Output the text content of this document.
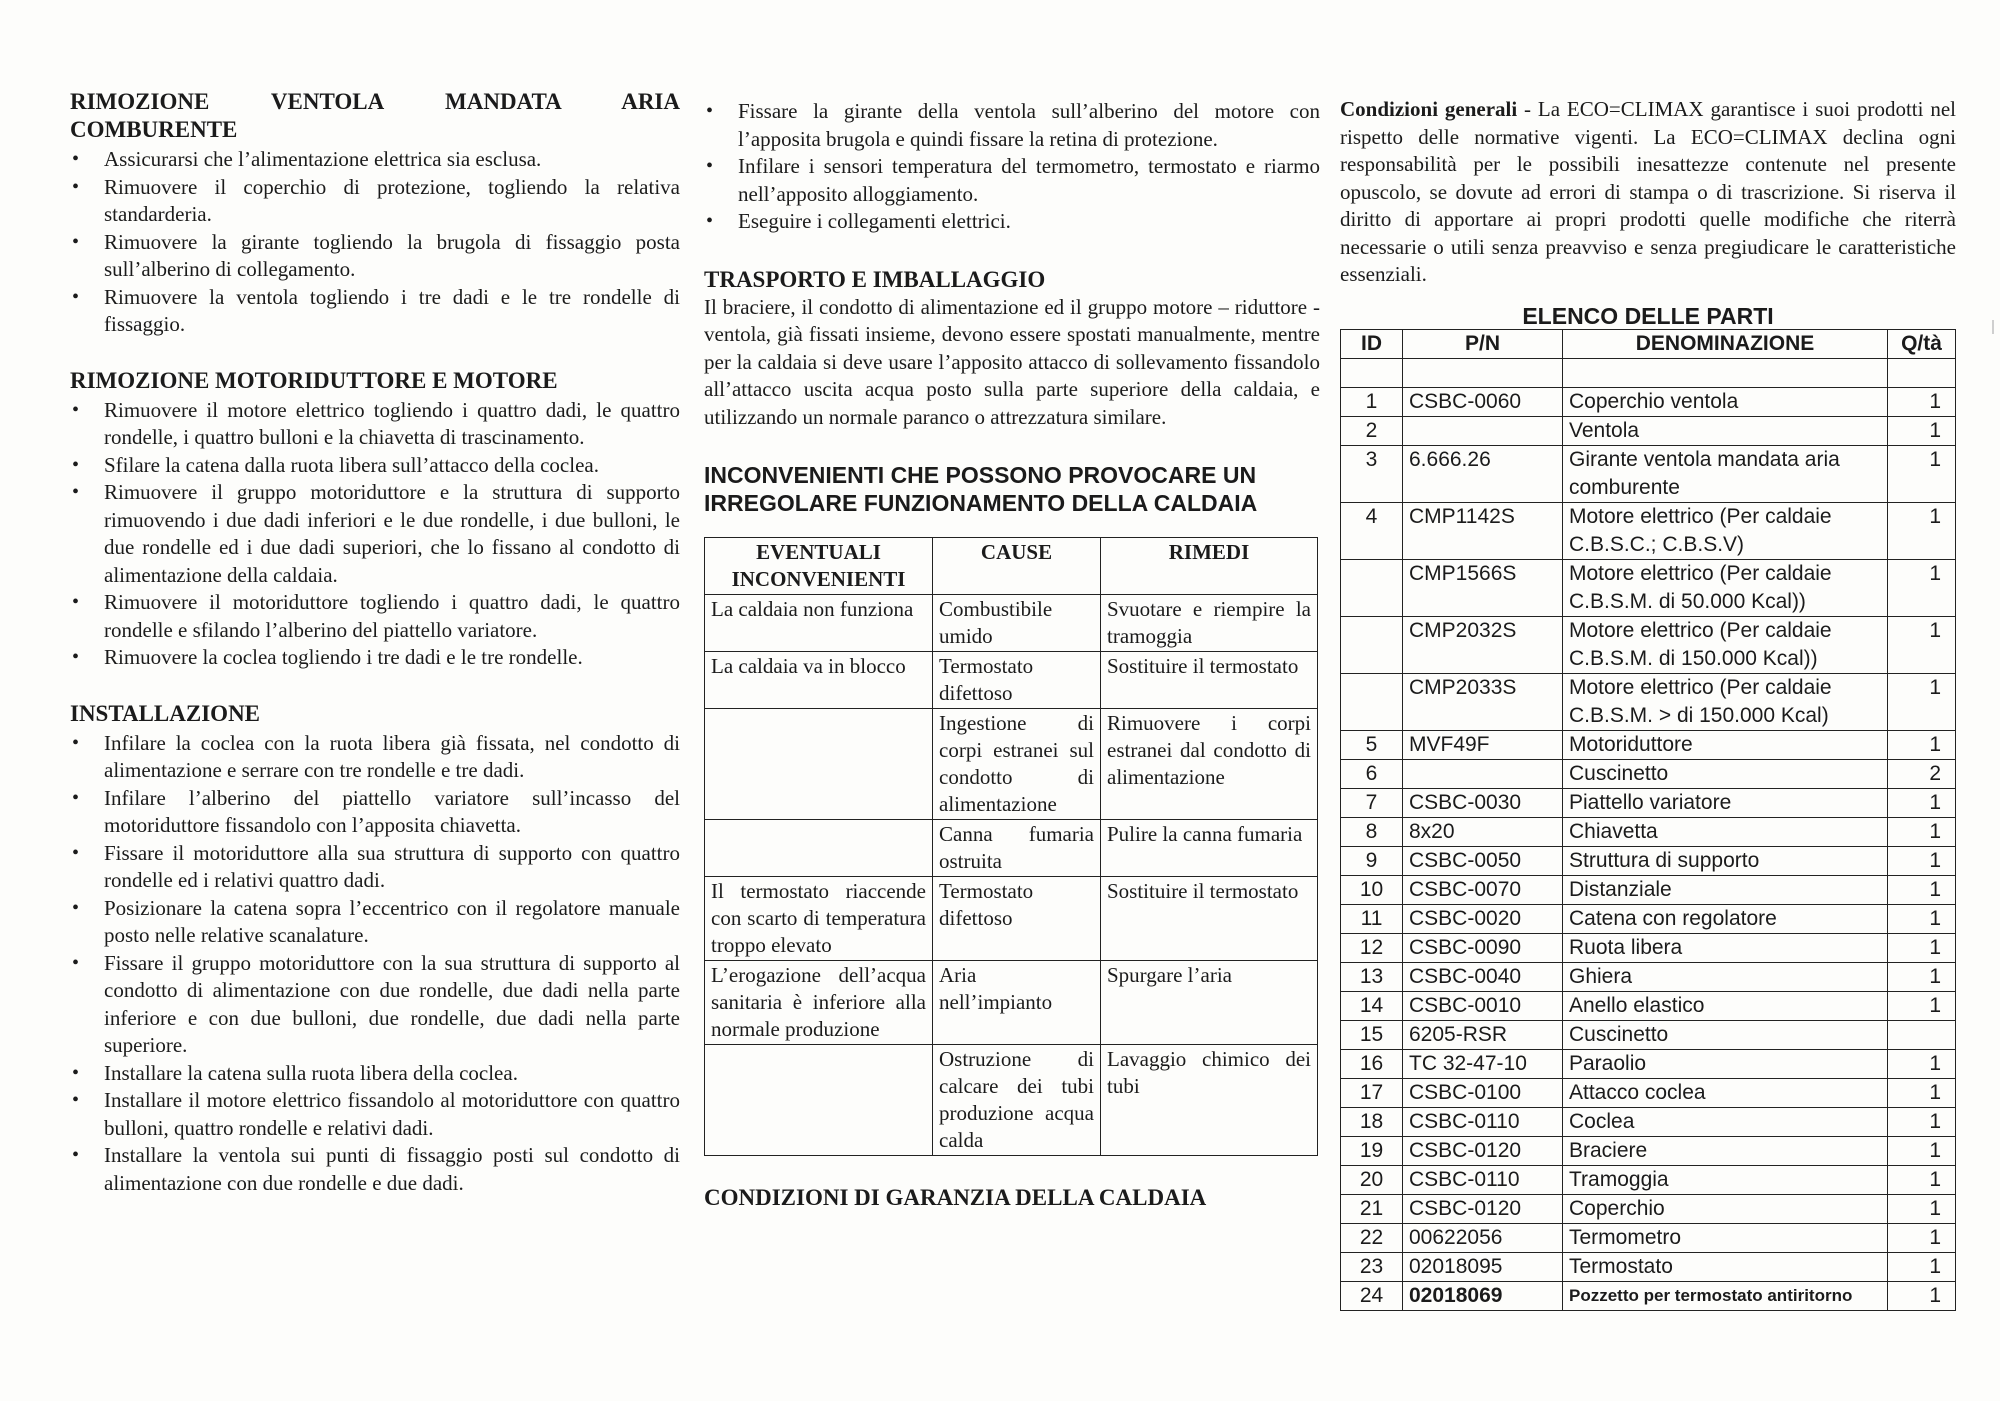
RIMOZIONE VENTOLA MANDATA ARIA COMBURENTE
• Assicurarsi che l’alimentazione elettrica sia esclusa.
• Rimuovere il coperchio di protezione, togliendo la relativa standarderia.
• Rimuovere la girante togliendo la brugola di fissaggio posta sull’alberino di collegamento.
• Rimuovere la ventola togliendo i tre dadi e le tre rondelle di fissaggio.
RIMOZIONE MOTORIDUTTORE E MOTORE
• Rimuovere il motore elettrico togliendo i quattro dadi, le quattro rondelle, i quattro bulloni e la chiavetta di trascinamento.
• Sfilare la catena dalla ruota libera sull’attacco della coclea.
• Rimuovere il gruppo motoriduttore e la struttura di supporto rimuovendo i due dadi inferiori e le due rondelle, i due bulloni, le due rondelle ed i due dadi superiori, che lo fissano al condotto di alimentazione della caldaia.
• Rimuovere il motoriduttore togliendo i quattro dadi, le quattro rondelle e sfilando l’alberino del piattello variatore.
• Rimuovere la coclea togliendo i tre dadi e le tre rondelle.
INSTALLAZIONE
• Infilare la coclea con la ruota libera già fissata, nel condotto di alimentazione e serrare con tre rondelle e tre dadi.
• Infilare l’alberino del piattello variatore sull’incasso del motoriduttore fissandolo con l’apposita chiavetta.
• Fissare il motoriduttore alla sua struttura di supporto con quattro rondelle ed i relativi quattro dadi.
• Posizionare la catena sopra l’eccentrico con il regolatore manuale posto nelle relative scanalature.
• Fissare il gruppo motoriduttore con la sua struttura di supporto al condotto di alimentazione con due rondelle, due dadi nella parte inferiore e con due bulloni, due rondelle, due dadi nella parte superiore.
• Installare la catena sulla ruota libera della coclea.
• Installare il motore elettrico fissandolo al motoriduttore con quattro bulloni, quattro rondelle e relativi dadi.
• Installare la ventola sui punti di fissaggio posti sul condotto di alimentazione con due rondelle e due dadi.
• Fissare la girante della ventola sull’alberino del motore con l’apposita brugola e quindi fissare la retina di protezione.
• Infilare i sensori temperatura del termometro, termostato e riarmo nell’apposito alloggiamento.
• Eseguire i collegamenti elettrici.
TRASPORTO E IMBALLAGGIO

Il braciere, il condotto di alimentazione ed il gruppo motore – riduttore - ventola, già fissati insieme, devono essere spostati manualmente, mentre per la caldaia si deve usare l’apposito attacco di sollevamento fissandolo all’attacco uscita acqua posto sulla parte superiore della caldaia, e utilizzando un normale paranco o attrezzatura similare.

INCONVENIENTI CHE POSSONO PROVOCARE UN IRREGOLARE FUNZIONAMENTO DELLA CALDAIA
EVENTUALI INCONVENIENTI	CAUSE	RIMEDI
La caldaia non funziona	Combustibile umido	Svuotare e riempire la tramoggia
La caldaia va in blocco	Termostato difettoso	Sostituire il termostato
	Ingestione di corpi estranei sul condotto di alimentazione	Rimuovere i corpi estranei dal condotto di alimentazione
	Canna fumaria ostruita	Pulire la canna fumaria
Il termostato riaccende con scarto di temperatura troppo elevato	Termostato difettoso	Sostituire il termostato
L’erogazione dell’acqua sanitaria è inferiore alla normale produzione	Aria nell’impianto	Spurgare l’aria
	Ostruzione di calcare dei tubi produzione acqua calda	Lavaggio chimico dei tubi
CONDIZIONI DI GARANZIA DELLA CALDAIA

Condizioni generali - La ECO=CLIMAX garantisce i suoi prodotti nel rispetto delle normative vigenti. La ECO=CLIMAX declina ogni responsabilità per le possibili inesattezze contenute nel presente opuscolo, se dovute ad errori di stampa o di trascrizione. Si riserva il diritto di apportare ai propri prodotti quelle modifiche che riterrà necessarie o utili senza preavviso e senza pregiudicare le caratteristiche essenziali.

ELENCO DELLE PARTI
ID	P/N	DENOMINAZIONE	Q/tà

1	CSBC-0060	Coperchio ventola	1
2		Ventola	1
3	6.666.26	Girante ventola mandata aria comburente	1
4	CMP1142S	Motore elettrico (Per caldaie C.B.S.C.; C.B.S.V)	1
	CMP1566S	Motore elettrico (Per caldaie C.B.S.M. di 50.000 Kcal))	1
	CMP2032S	Motore elettrico (Per caldaie C.B.S.M. di 150.000 Kcal))	1
	CMP2033S	Motore elettrico (Per caldaie C.B.S.M. > di 150.000 Kcal)	1
5	MVF49F	Motoriduttore	1
6		Cuscinetto	2
7	CSBC-0030	Piattello variatore	1
8	8x20	Chiavetta	1
9	CSBC-0050	Struttura di supporto	1
10	CSBC-0070	Distanziale	1
11	CSBC-0020	Catena con regolatore	1
12	CSBC-0090	Ruota libera	1
13	CSBC-0040	Ghiera	1
14	CSBC-0010	Anello elastico	1
15	6205-RSR	Cuscinetto	
16	TC 32-47-10	Paraolio	1
17	CSBC-0100	Attacco coclea	1
18	CSBC-0110	Coclea	1
19	CSBC-0120	Braciere	1
20	CSBC-0110	Tramoggia	1
21	CSBC-0120	Coperchio	1
22	00622056	Termometro	1
23	02018095	Termostato	1
24	02018069	Pozzetto per termostato antiritorno	1
